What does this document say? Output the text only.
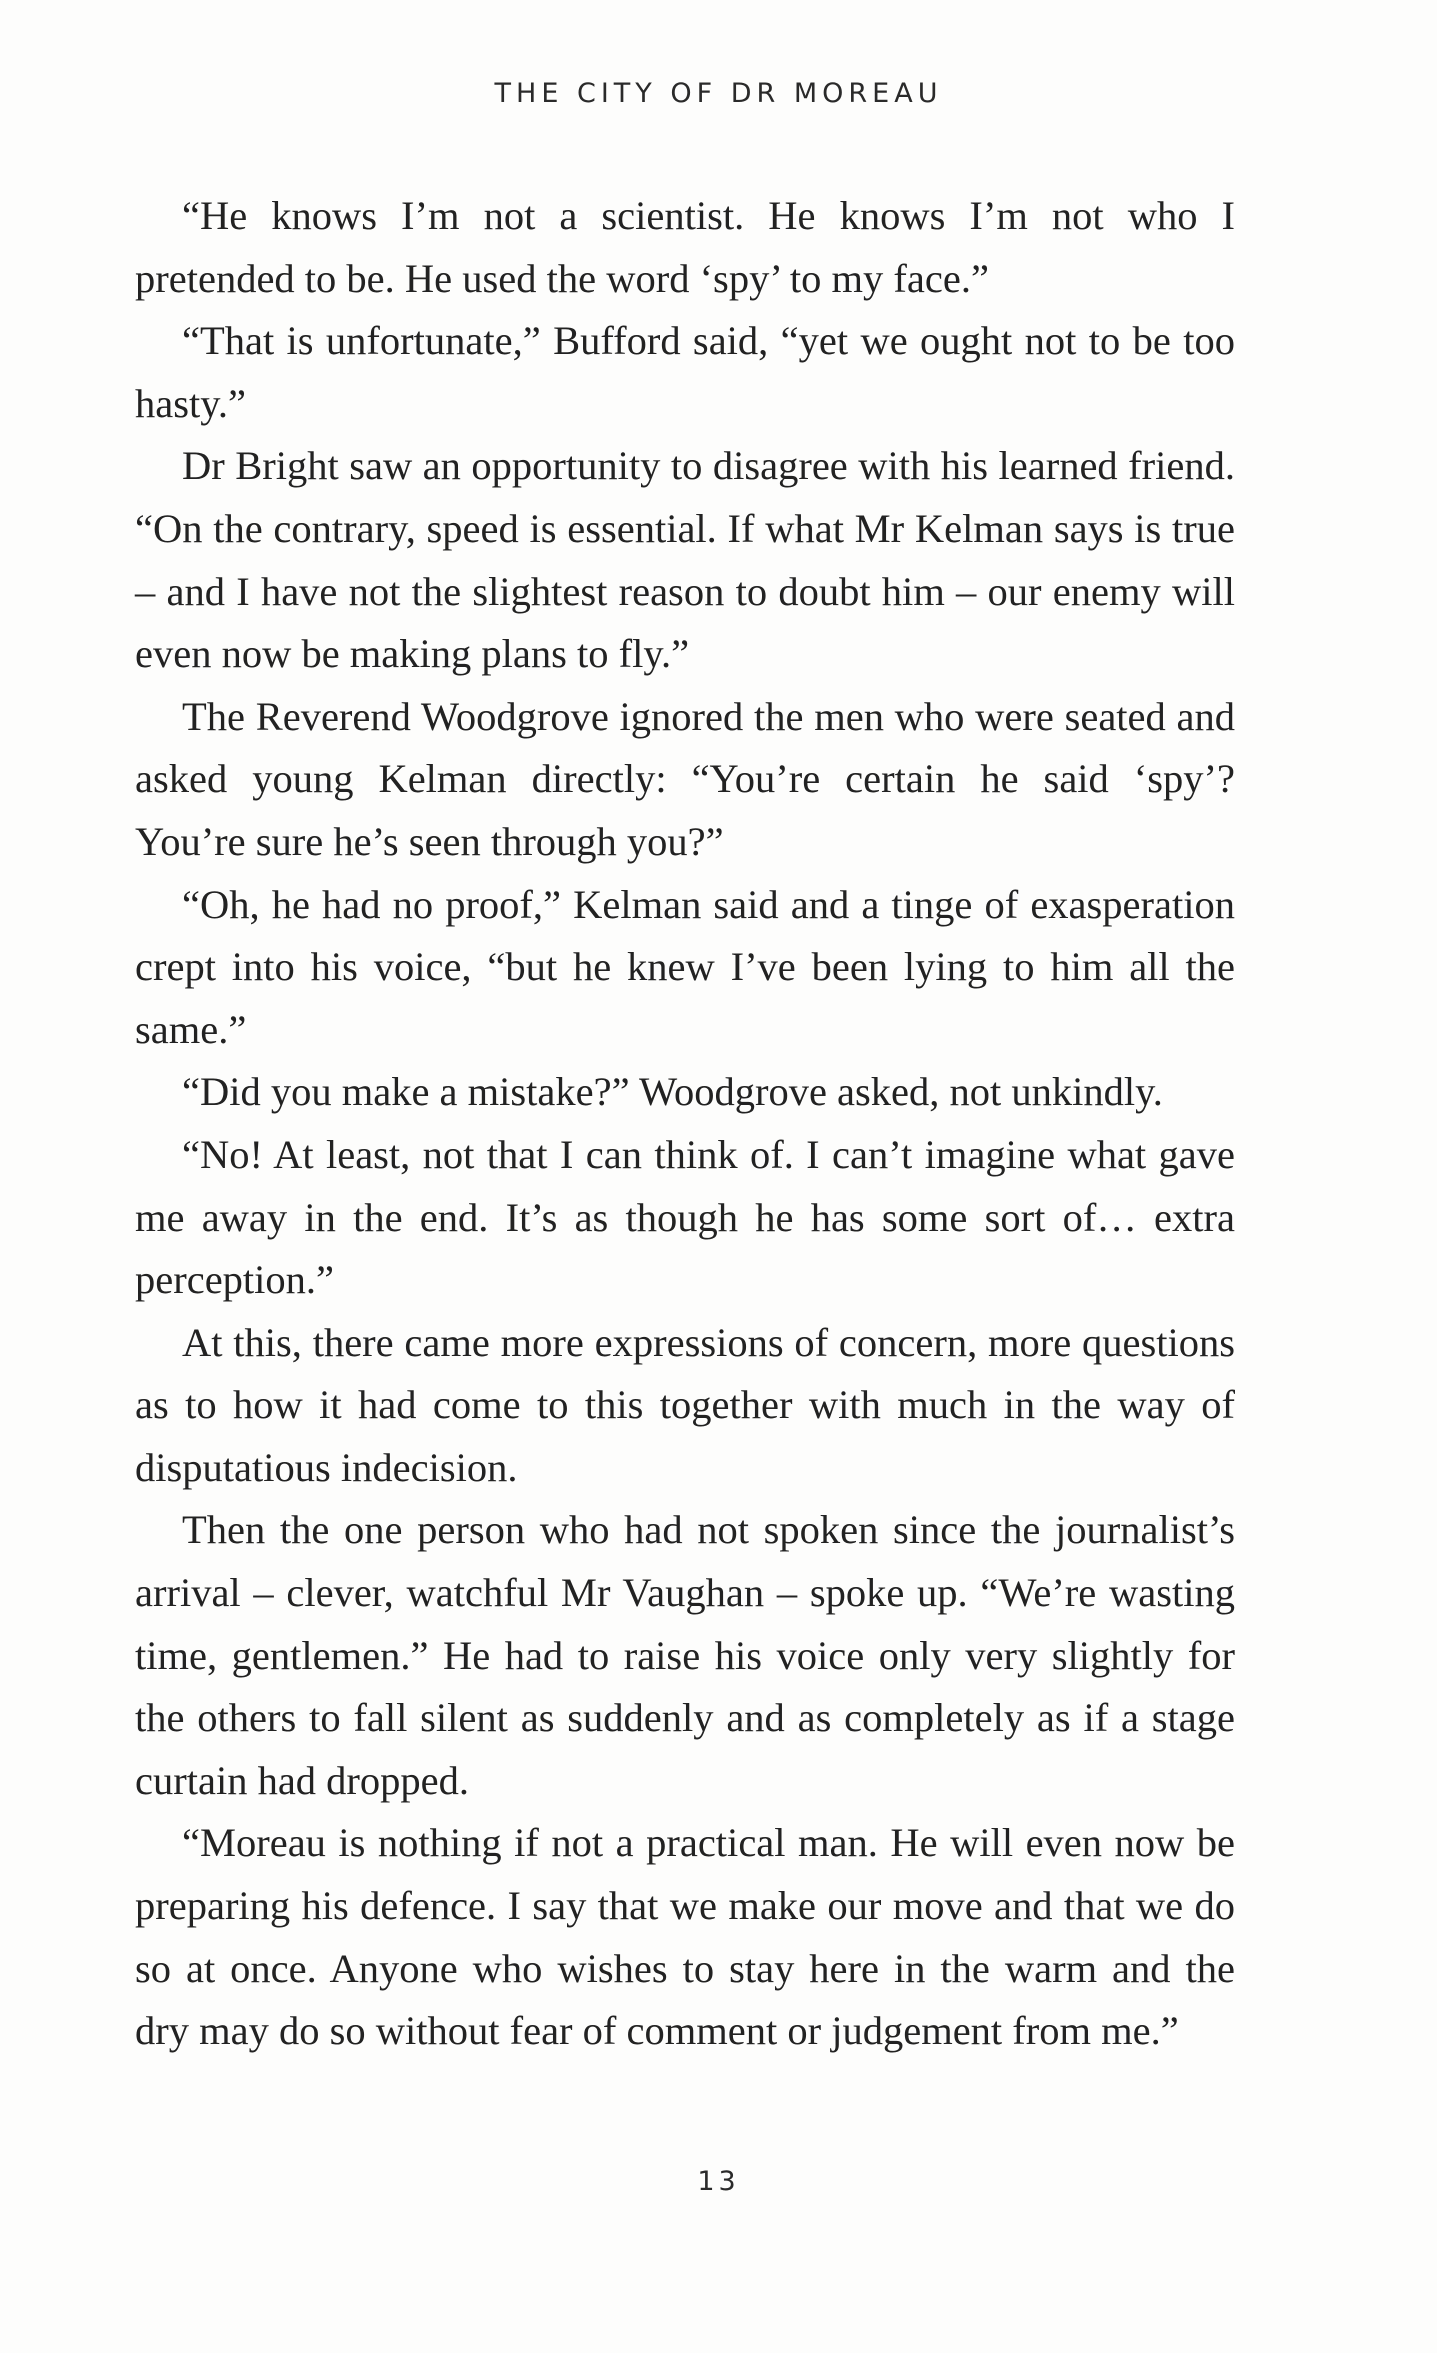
THE CITY OF DR MOREAU

“He knows I’m not a scientist. He knows I’m not who I pretended to be. He used the word ‘spy’ to my face.”

“That is unfortunate,” Bufford said, “yet we ought not to be too hasty.”

Dr Bright saw an opportunity to disagree with his learned friend. “On the contrary, speed is essential. If what Mr Kelman says is true – and I have not the slightest reason to doubt him – our enemy will even now be making plans to fly.”

The Reverend Woodgrove ignored the men who were seated and asked young Kelman directly: “You’re certain he said ‘spy’? You’re sure he’s seen through you?”

“Oh, he had no proof,” Kelman said and a tinge of exasperation crept into his voice, “but he knew I’ve been lying to him all the same.”

“Did you make a mistake?” Woodgrove asked, not unkindly.

“No! At least, not that I can think of. I can’t imagine what gave me away in the end. It’s as though he has some sort of… extra perception.”

At this, there came more expressions of concern, more questions as to how it had come to this together with much in the way of disputatious indecision.

Then the one person who had not spoken since the journalist’s arrival – clever, watchful Mr Vaughan – spoke up. “We’re wasting time, gentlemen.” He had to raise his voice only very slightly for the others to fall silent as suddenly and as completely as if a stage curtain had dropped.

“Moreau is nothing if not a practical man. He will even now be preparing his defence. I say that we make our move and that we do so at once. Anyone who wishes to stay here in the warm and the dry may do so without fear of comment or judgement from me.”

13
